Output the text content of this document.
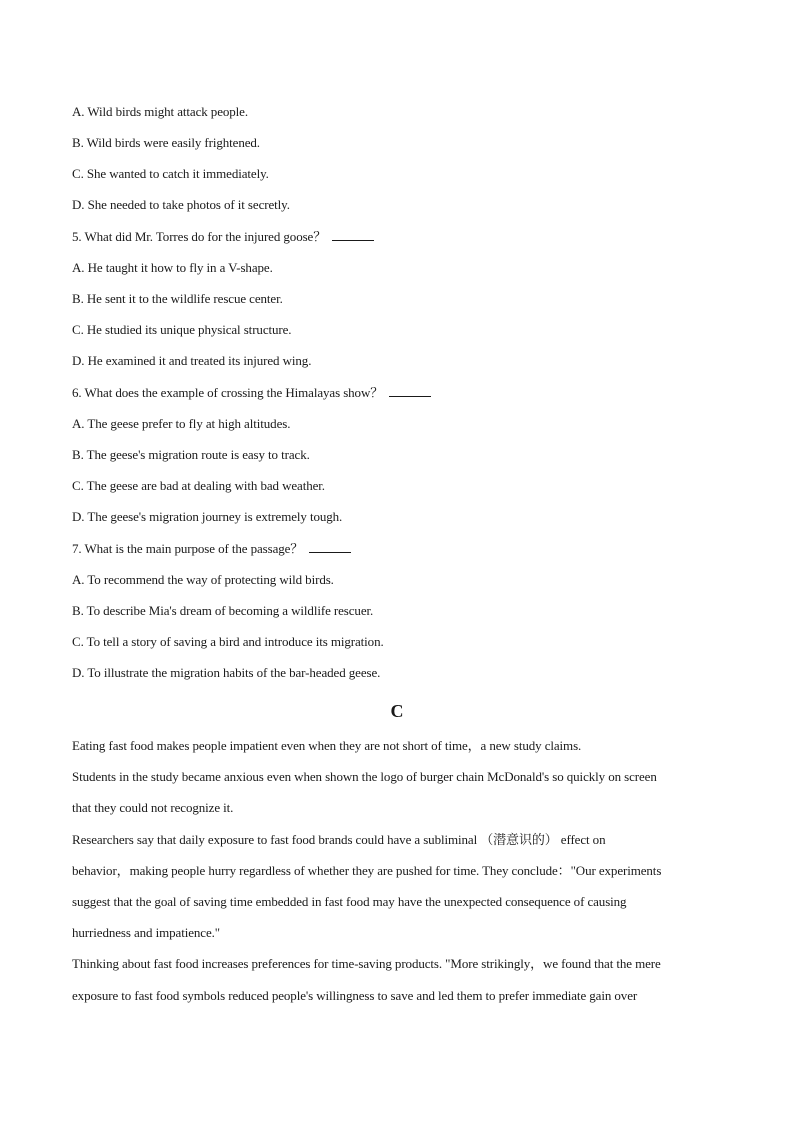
A. Wild birds might attack people.
B. Wild birds were easily frightened.
C. She wanted to catch it immediately.
D. She needed to take photos of it secretly.
5. What did Mr. Torres do for the injured goose？
A. He taught it how to fly in a V-shape.
B. He sent it to the wildlife rescue center.
C. He studied its unique physical structure.
D. He examined it and treated its injured wing.
6. What does the example of crossing the Himalayas show？
A. The geese prefer to fly at high altitudes.
B. The geese's migration route is easy to track.
C. The geese are bad at dealing with bad weather.
D. The geese's migration journey is extremely tough.
7. What is the main purpose of the passage？
A. To recommend the way of protecting wild birds.
B. To describe Mia's dream of becoming a wildlife rescuer.
C. To tell a story of saving a bird and introduce its migration.
D. To illustrate the migration habits of the bar-headed geese.
C
Eating fast food makes people impatient even when they are not short of time，a new study claims.
Students in the study became anxious even when shown the logo of burger chain McDonald's so quickly on screen
that they could not recognize it.
Researchers say that daily exposure to fast food brands could have a subliminal （潜意识的） effect on
behavior，making people hurry regardless of whether they are pushed for time. They conclude："Our experiments
suggest that the goal of saving time embedded in fast food may have the unexpected consequence of causing
hurriedness and impatience."
Thinking about fast food increases preferences for time-saving products. "More strikingly，we found that the mere
exposure to fast food symbols reduced people's willingness to save and led them to prefer immediate gain over
